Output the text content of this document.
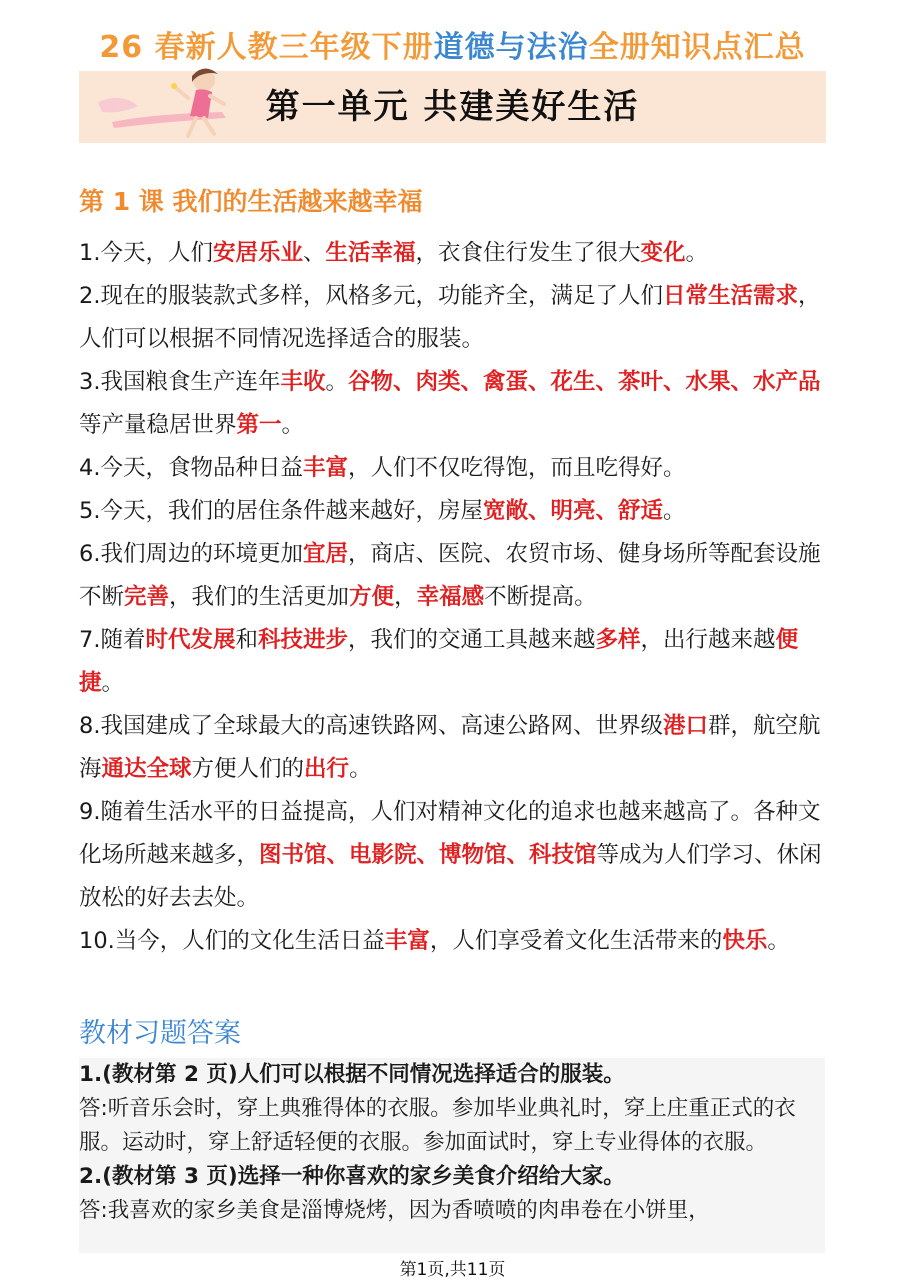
26 春新人教三年级下册道德与法治全册知识点汇总
第一单元 共建美好生活
第 1 课 我们的生活越来越幸福

1.今天，人们安居乐业、生活幸福，衣食住行发生了很大变化。

2.现在的服装款式多样，风格多元，功能齐全，满足了人们日常生活需求，人们可以根据不同情况选择适合的服装。

3.我国粮食生产连年丰收。谷物、肉类、禽蛋、花生、茶叶、水果、水产品等产量稳居世界第一。

4.今天，食物品种日益丰富，人们不仅吃得饱，而且吃得好。

5.今天，我们的居住条件越来越好，房屋宽敞、明亮、舒适。

6.我们周边的环境更加宜居，商店、医院、农贸市场、健身场所等配套设施不断完善，我们的生活更加方便，幸福感不断提高。

7.随着时代发展和科技进步，我们的交通工具越来越多样，出行越来越便捷。

8.我国建成了全球最大的高速铁路网、高速公路网、世界级港口群，航空航海通达全球方便人们的出行。

9.随着生活水平的日益提高，人们对精神文化的追求也越来越高了。各种文化场所越来越多，图书馆、电影院、博物馆、科技馆等成为人们学习、休闲放松的好去去处。

10.当今，人们的文化生活日益丰富，人们享受着文化生活带来的快乐。

教材习题答案

1.(教材第 2 页)人们可以根据不同情况选择适合的服装。

答:听音乐会时，穿上典雅得体的衣服。参加毕业典礼时，穿上庄重正式的衣服。运动时，穿上舒适轻便的衣服。参加面试时，穿上专业得体的衣服。

2.(教材第 3 页)选择一种你喜欢的家乡美食介绍给大家。

答:我喜欢的家乡美食是淄博烧烤，因为香喷喷的肉串卷在小饼里，

第1页,共11页
